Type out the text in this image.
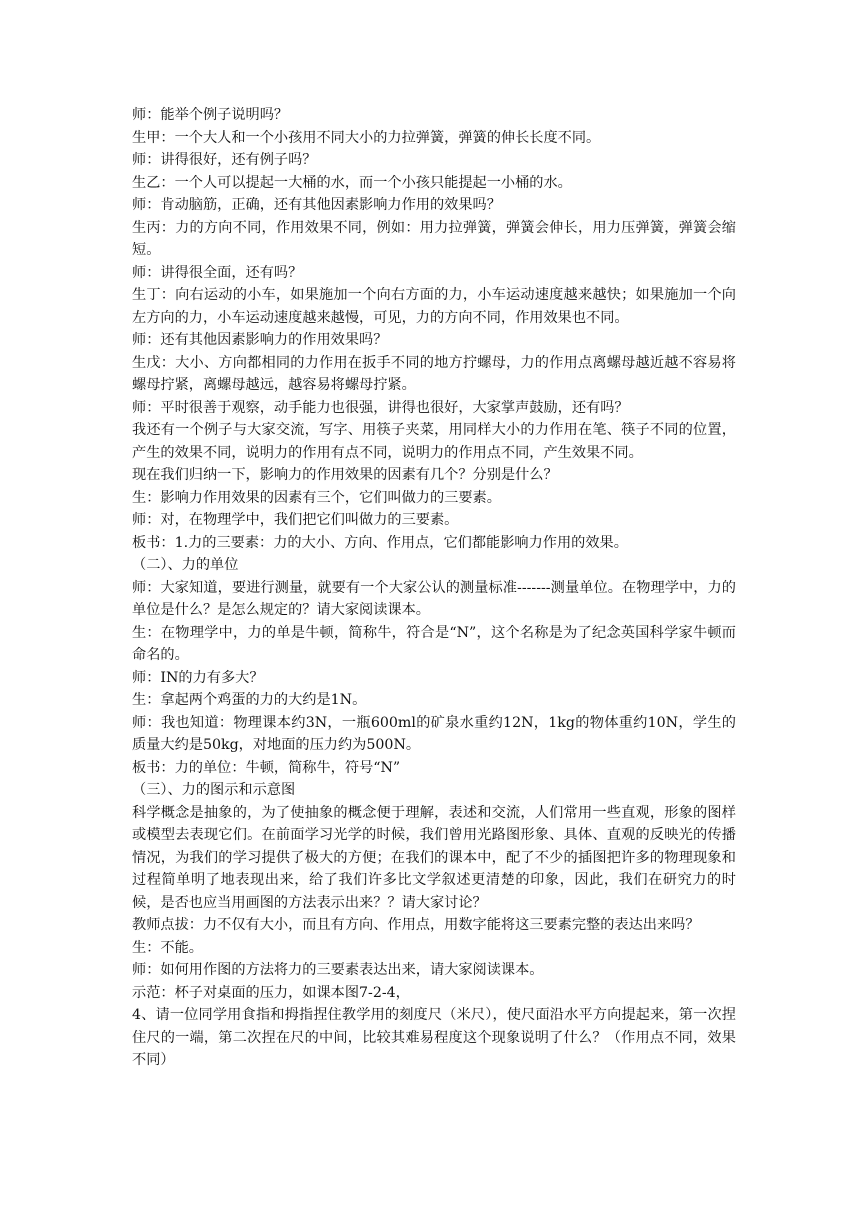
师：能举个例子说明吗？

生甲：一个大人和一个小孩用不同大小的力拉弹簧，弹簧的伸长长度不同。

师：讲得很好，还有例子吗？

生乙：一个人可以提起一大桶的水，而一个小孩只能提起一小桶的水。

师：肯动脑筋，正确，还有其他因素影响力作用的效果吗？

生丙：力的方向不同，作用效果不同，例如：用力拉弹簧，弹簧会伸长，用力压弹簧，弹簧会缩短。

师：讲得很全面，还有吗？

生丁：向右运动的小车，如果施加一个向右方面的力，小车运动速度越来越快；如果施加一个向左方向的力，小车运动速度越来越慢，可见，力的方向不同，作用效果也不同。

师：还有其他因素影响力的作用效果吗？

生戊：大小、方向都相同的力作用在扳手不同的地方拧螺母，力的作用点离螺母越近越不容易将螺母拧紧，离螺母越远，越容易将螺母拧紧。

师：平时很善于观察，动手能力也很强，讲得也很好，大家掌声鼓励，还有吗？

我还有一个例子与大家交流，写字、用筷子夹菜，用同样大小的力作用在笔、筷子不同的位置，产生的效果不同，说明力的作用有点不同，说明力的作用点不同，产生效果不同。

现在我们归纳一下，影响力的作用效果的因素有几个？分别是什么？

生：影响力作用效果的因素有三个，它们叫做力的三要素。

师：对，在物理学中，我们把它们叫做力的三要素。

板书：1.力的三要素：力的大小、方向、作用点，它们都能影响力作用的效果。

（二）、力的单位

师：大家知道，要进行测量，就要有一个大家公认的测量标准-------测量单位。在物理学中，力的单位是什么？是怎么规定的？请大家阅读课本。

生：在物理学中，力的单是牛顿，简称牛，符合是“N”，这个名称是为了纪念英国科学家牛顿而命名的。

师：IN的力有多大？

生：拿起两个鸡蛋的力的大约是1N。

师：我也知道：物理课本约3N，一瓶600ml的矿泉水重约12N，1kg的物体重约10N，学生的质量大约是50kg，对地面的压力约为500N。

板书：力的单位：牛顿，简称牛，符号“N”

（三）、力的图示和示意图

科学概念是抽象的，为了使抽象的概念便于理解，表述和交流，人们常用一些直观，形象的图样或模型去表现它们。在前面学习光学的时候，我们曾用光路图形象、具体、直观的反映光的传播情况，为我们的学习提供了极大的方便；在我们的课本中，配了不少的插图把许多的物理现象和过程简单明了地表现出来，给了我们许多比文学叙述更清楚的印象，因此，我们在研究力的时候，是否也应当用画图的方法表示出来？？请大家讨论？

教师点拔：力不仅有大小，而且有方向、作用点，用数字能将这三要素完整的表达出来吗？

生：不能。

师：如何用作图的方法将力的三要素表达出来，请大家阅读课本。

示范：杯子对桌面的压力，如课本图7-2-4，

4、请一位同学用食指和拇指捏住教学用的刻度尺（米尺），使尺面沿水平方向提起来，第一次捏住尺的一端，第二次捏在尺的中间，比较其难易程度这个现象说明了什么？（作用点不同，效果不同）
